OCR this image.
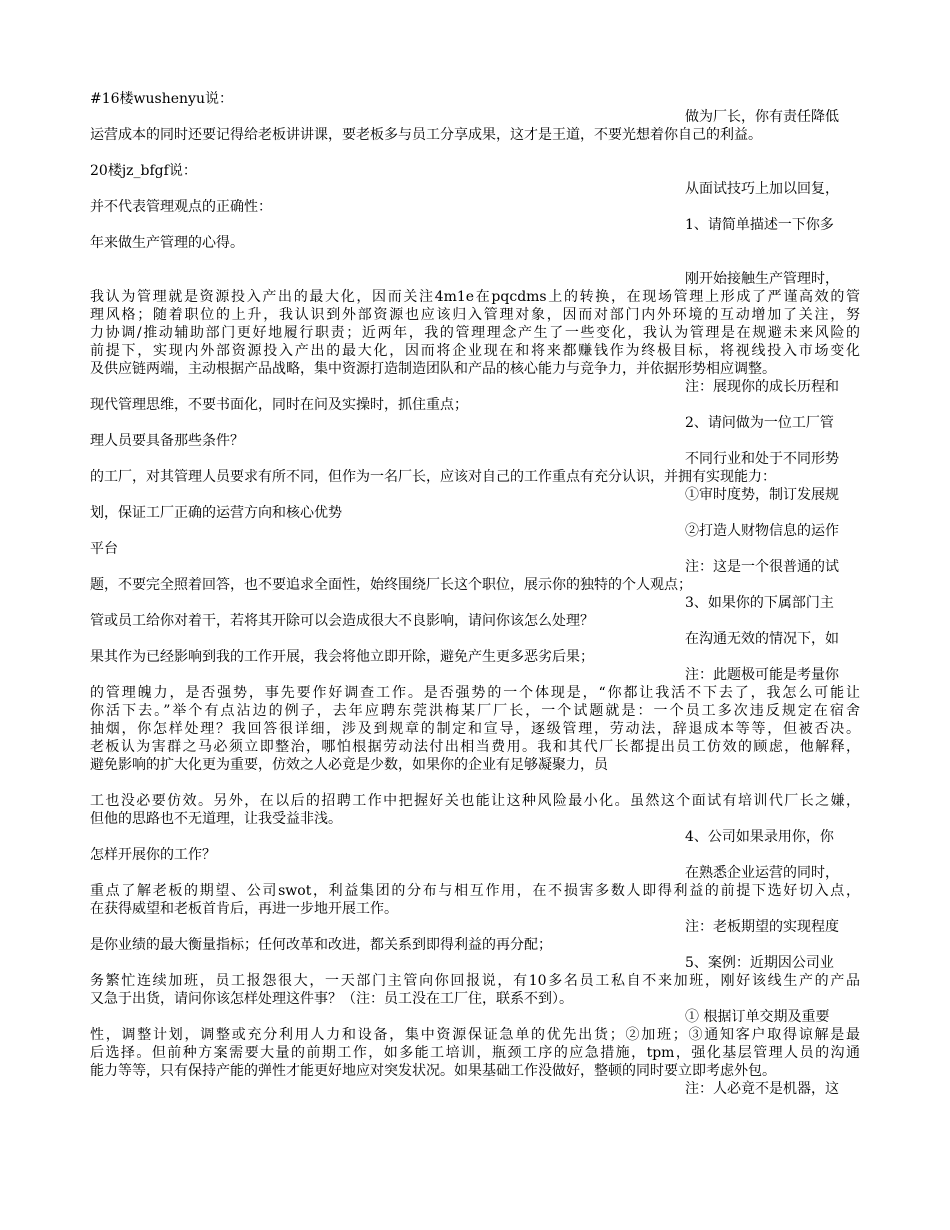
#16楼wushenyu说：
做为厂长，你有责任降低
运营成本的同时还要记得给老板讲讲课，要老板多与员工分享成果，这才是王道，不要光想着你自己的利益。
20楼jz_bfgf说：
从面试技巧上加以回复，
并不代表管理观点的正确性：
1、请简单描述一下你多
年来做生产管理的心得。
刚开始接触生产管理时，
我认为管理就是资源投入产出的最大化，因而关注4m1e在pqcdms上的转换，在现场管理上形成了严谨高效的管
理风格；随着职位的上升，我认识到外部资源也应该归入管理对象，因而对部门内外环境的互动增加了关注，努
力协调/推动辅助部门更好地履行职责；近两年，我的管理理念产生了一些变化，我认为管理是在规避未来风险的
前提下，实现内外部资源投入产出的最大化，因而将企业现在和将来都赚钱作为终极目标，将视线投入市场变化
及供应链两端，主动根据产品战略，集中资源打造制造团队和产品的核心能力与竞争力，并依据形势相应调整。
注：展现你的成长历程和
现代管理思维，不要书面化，同时在问及实操时，抓住重点；
2、请问做为一位工厂管
理人员要具备那些条件？
不同行业和处于不同形势
的工厂，对其管理人员要求有所不同，但作为一名厂长，应该对自己的工作重点有充分认识，并拥有实现能力：
①审时度势，制订发展规
划，保证工厂正确的运营方向和核心优势
②打造人财物信息的运作
平台
注：这是一个很普通的试
题，不要完全照着回答，也不要追求全面性，始终围绕厂长这个职位，展示你的独特的个人观点；
3、如果你的下属部门主
管或员工给你对着干，若将其开除可以会造成很大不良影响，请问你该怎么处理？
在沟通无效的情况下，如
果其作为已经影响到我的工作开展，我会将他立即开除，避免产生更多恶劣后果；
注：此题极可能是考量你
的管理魄力，是否强势，事先要作好调查工作。是否强势的一个体现是，“你都让我活不下去了，我怎么可能让
你活下去。”举个有点沾边的例子，去年应聘东莞洪梅某厂厂长，一个试题就是：一个员工多次违反规定在宿舍
抽烟，你怎样处理？我回答很详细，涉及到规章的制定和宣导，逐级管理，劳动法，辞退成本等等，但被否决。
老板认为害群之马必须立即整治，哪怕根据劳动法付出相当费用。我和其代厂长都提出员工仿效的顾虑，他解释，
避免影响的扩大化更为重要，仿效之人必竟是少数，如果你的企业有足够凝聚力，员
工也没必要仿效。另外，在以后的招聘工作中把握好关也能让这种风险最小化。虽然这个面试有培训代厂长之嫌，
但他的思路也不无道理，让我受益非浅。
4、公司如果录用你，你
怎样开展你的工作？
在熟悉企业运营的同时，
重点了解老板的期望、公司swot，利益集团的分布与相互作用，在不损害多数人即得利益的前提下选好切入点，
在获得威望和老板首肯后，再进一步地开展工作。
注：老板期望的实现程度
是你业绩的最大衡量指标；任何改革和改进，都关系到即得利益的再分配；
5、案例：近期因公司业
务繁忙连续加班，员工报怨很大，一天部门主管向你回报说，有10多名员工私自不来加班，刚好该线生产的产品
又急于出货，请问你该怎样处理这件事？（注：员工没在工厂住，联系不到）。
① 根据订单交期及重要
性，调整计划，调整或充分利用人力和设备，集中资源保证急单的优先出货；②加班；③通知客户取得谅解是最
后选择。但前种方案需要大量的前期工作，如多能工培训，瓶颈工序的应急措施，tpm，强化基层管理人员的沟通
能力等等，只有保持产能的弹性才能更好地应对突发状况。如果基础工作没做好，整顿的同时要立即考虑外包。
注：人必竟不是机器，这
